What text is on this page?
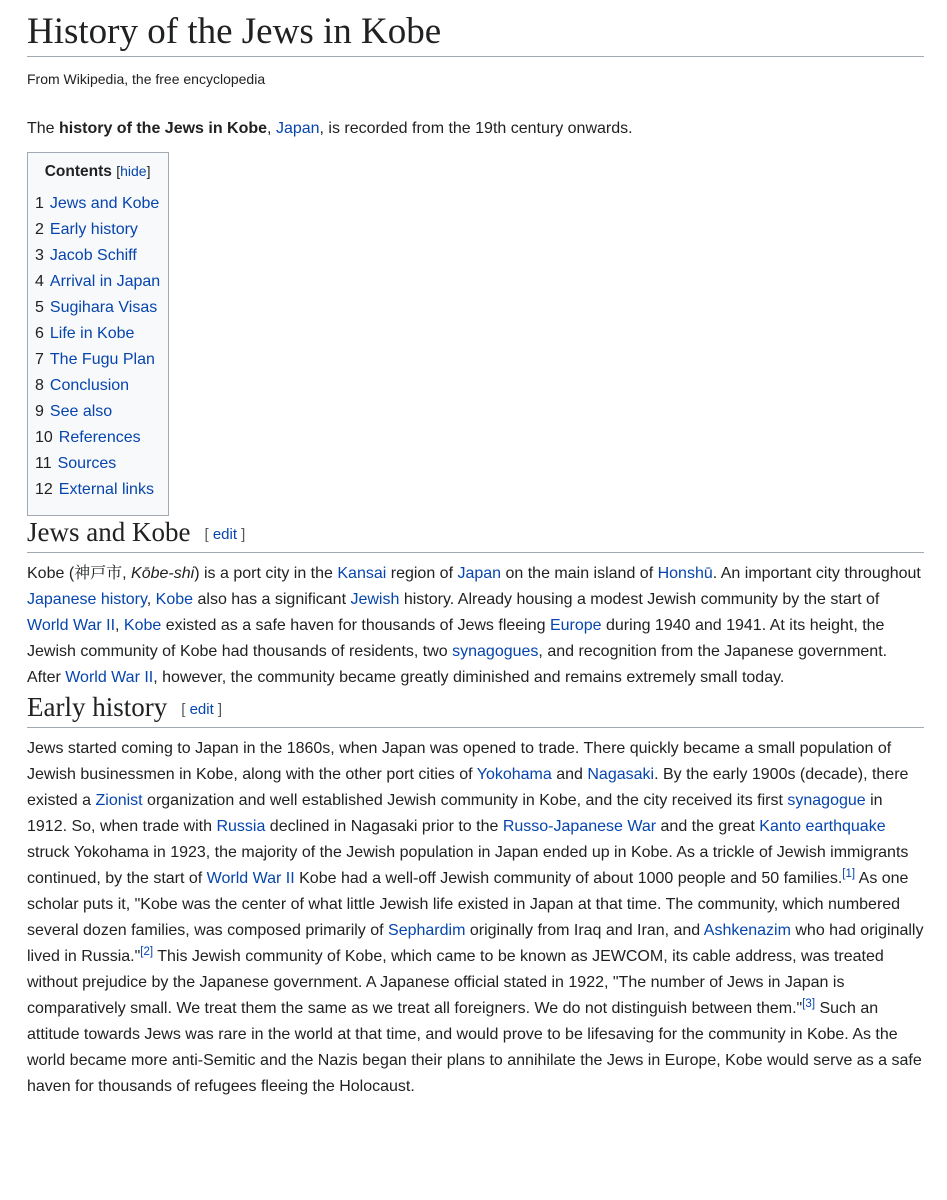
History of the Jews in Kobe
From Wikipedia, the free encyclopedia

The history of the Jews in Kobe, Japan, is recorded from the 19th century onwards.

Contents [hide]
1 Jews and Kobe
2 Early history
3 Jacob Schiff
4 Arrival in Japan
5 Sugihara Visas
6 Life in Kobe
7 The Fugu Plan
8 Conclusion
9 See also
10 References
11 Sources
12 External links
Jews and Kobe [ edit ]

Kobe (神戸市, Kōbe-shi) is a port city in the Kansai region of Japan on the main island of Honshū. An important city throughout Japanese history, Kobe also has a significant Jewish history. Already housing a modest Jewish community by the start of World War II, Kobe existed as a safe haven for thousands of Jews fleeing Europe during 1940 and 1941. At its height, the Jewish community of Kobe had thousands of residents, two synagogues, and recognition from the Japanese government. After World War II, however, the community became greatly diminished and remains extremely small today.

Early history [ edit ]

Jews started coming to Japan in the 1860s, when Japan was opened to trade. There quickly became a small population of Jewish businessmen in Kobe, along with the other port cities of Yokohama and Nagasaki. By the early 1900s (decade), there existed a Zionist organization and well established Jewish community in Kobe, and the city received its first synagogue in 1912. So, when trade with Russia declined in Nagasaki prior to the Russo-Japanese War and the great Kanto earthquake struck Yokohama in 1923, the majority of the Jewish population in Japan ended up in Kobe. As a trickle of Jewish immigrants continued, by the start of World War II Kobe had a well-off Jewish community of about 1000 people and 50 families.[1] As one scholar puts it, "Kobe was the center of what little Jewish life existed in Japan at that time. The community, which numbered several dozen families, was composed primarily of Sephardim originally from Iraq and Iran, and Ashkenazim who had originally lived in Russia."[2] This Jewish community of Kobe, which came to be known as JEWCOM, its cable address, was treated without prejudice by the Japanese government. A Japanese official stated in 1922, "The number of Jews in Japan is comparatively small. We treat them the same as we treat all foreigners. We do not distinguish between them."[3] Such an attitude towards Jews was rare in the world at that time, and would prove to be lifesaving for the community in Kobe. As the world became more anti-Semitic and the Nazis began their plans to annihilate the Jews in Europe, Kobe would serve as a safe haven for thousands of refugees fleeing the Holocaust.
